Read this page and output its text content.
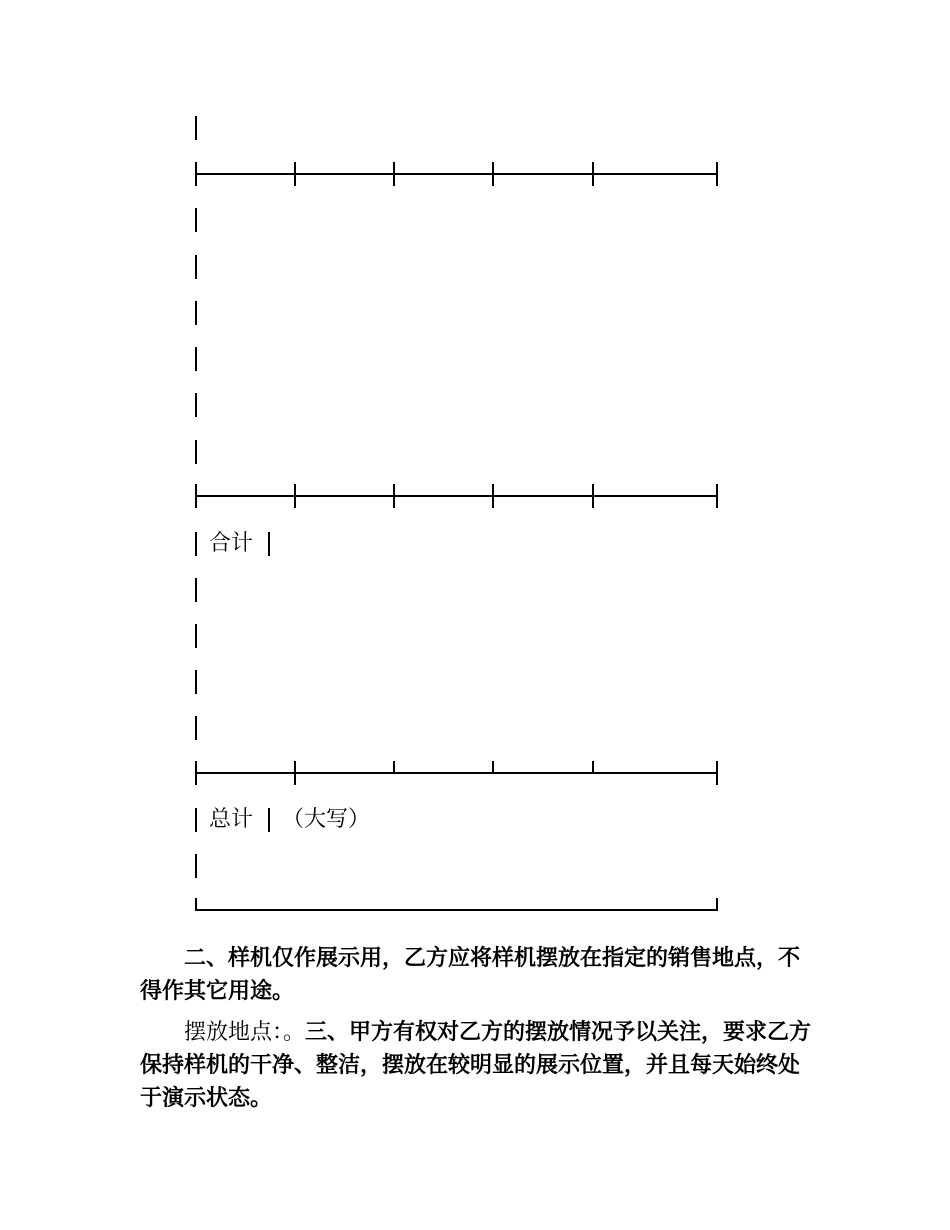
合计
总计 （大写）
二、样机仅作展示用，乙方应将样机摆放在指定的销售地点，不得作其它用途。
摆放地点：。三、甲方有权对乙方的摆放情况予以关注，要求乙方保持样机的干净、整洁，摆放在较明显的展示位置，并且每天始终处于演示状态。
